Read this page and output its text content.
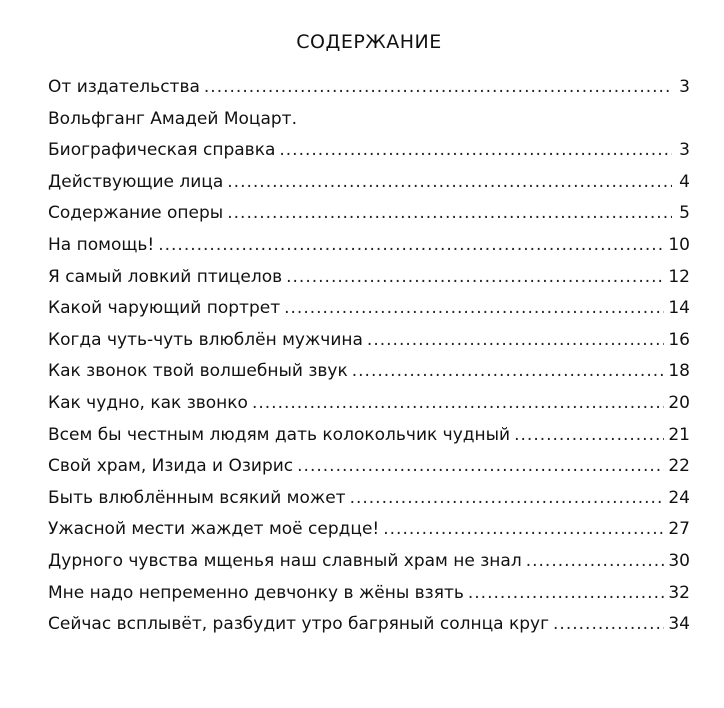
СОДЕРЖАНИЕ
От издательства .....	3
Вольфганг Амадей Моцарт.
Биографическая справка .....	3
Действующие лица .....	4
Содержание оперы .....	5
На помощь! .....	10
Я самый ловкий птицелов .....	12
Какой чарующий портрет .....	14
Когда чуть-чуть влюблён мужчина .....	16
Как звонок твой волшебный звук .....	18
Как чудно, как звонко .....	20
Всем бы честным людям дать колокольчик чудный .....	21
Свой храм, Изида и Озирис .....	22
Быть влюблённым всякий может .....	24
Ужасной мести жаждет моё сердце! .....	27
Дурного чувства мщенья наш славный храм не знал .....	30
Мне надо непременно девчонку в жёны взять .....	32
Сейчас всплывёт, разбудит утро багряный солнца круг .....	34
